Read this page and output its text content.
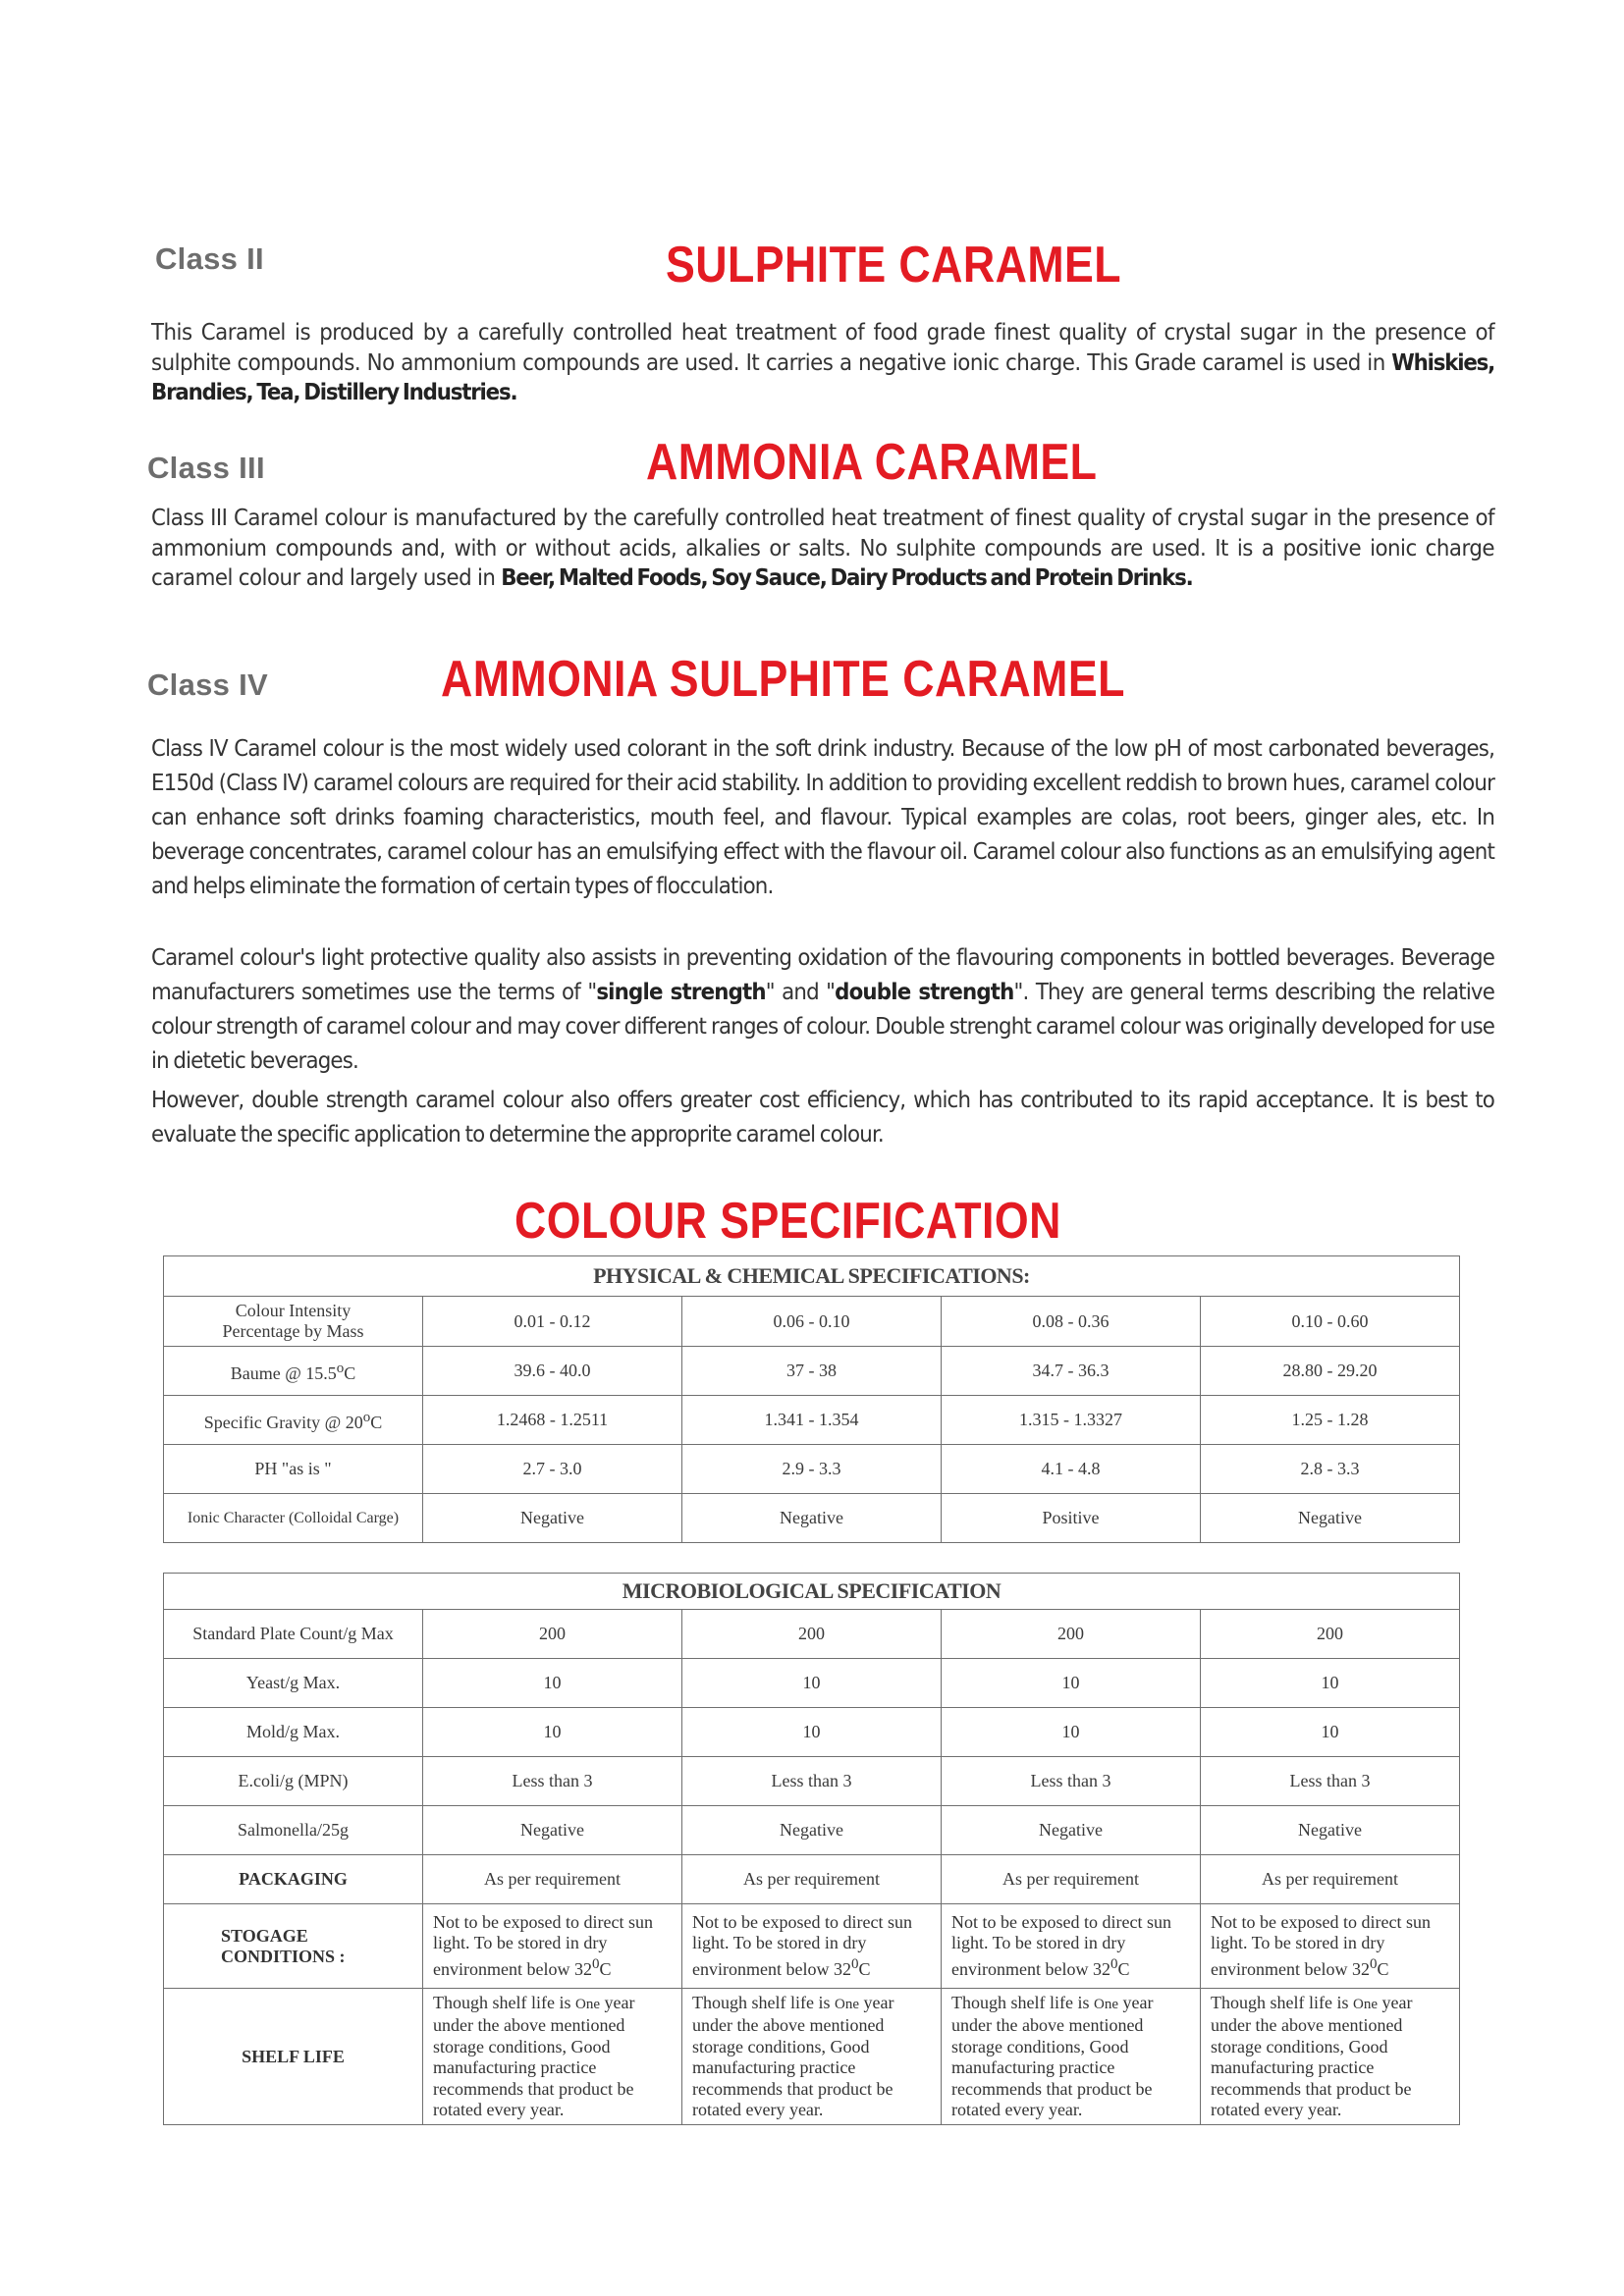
Class II	SULPHITE CARAMEL
This Caramel is produced by a carefully controlled heat treatment of food grade finest quality of crystal sugar in the presence of sulphite compounds. No ammonium compounds are used. It carries a negative ionic charge. This Grade caramel is used in Whiskies, Brandies, Tea, Distillery Industries.
Class III	AMMONIA CARAMEL
Class III Caramel colour is manufactured by the carefully controlled heat treatment of finest quality of crystal sugar in the presence of ammonium compounds and, with or without acids, alkalies or salts. No sulphite compounds are used. It is a positive ionic charge caramel colour and largely used in Beer, Malted Foods, Soy Sauce, Dairy Products and Protein Drinks.
Class IV	AMMONIA SULPHITE CARAMEL
Class IV Caramel colour is the most widely used colorant in the soft drink industry. Because of the low pH of most carbonated beverages, E150d (Class IV) caramel colours are required for their acid stability. In addition to providing excellent reddish to brown hues, caramel colour can enhance soft drinks foaming characteristics, mouth feel, and flavour. Typical examples are colas, root beers, ginger ales, etc. In beverage concentrates, caramel colour has an emulsifying effect with the flavour oil. Caramel colour also functions as an emulsifying agent and helps eliminate the formation of certain types of flocculation.
Caramel colour's light protective quality also assists in preventing oxidation of the flavouring components in bottled beverages. Beverage manufacturers sometimes use the terms of "single strength" and "double strength". They are general terms describing the relative colour strength of caramel colour and may cover different ranges of colour. Double strenght caramel colour was originally developed for use in dietetic beverages.
However, double strength caramel colour also offers greater cost efficiency, which has contributed to its rapid acceptance. It is best to evaluate the specific application to determine the approprite caramel colour.
COLOUR SPECIFICATION
PHYSICAL & CHEMICAL SPECIFICATIONS:				
Colour Intensity
Percentage by Mass	0.01 - 0.12	0.06 - 0.10	0.08 - 0.36	0.10 - 0.60
Baume @ 15.5$^o$C	39.6 - 40.0	37 - 38	34.7 - 36.3	28.80 - 29.20
Specific Gravity @ 20$^o$C	1.2468 - 1.2511	1.341 - 1.354	1.315 - 1.3327	1.25 - 1.28
PH "as is "	2.7 - 3.0	2.9 - 3.3	4.1 - 4.8	2.8 - 3.3
Ionic Character (Colloidal Carge)	Negative	Negative	Positive	Negative
MICROBIOLOGICAL SPECIFICATION				
Standard Plate Count/g Max	200	200	200	200
Yeast/g Max.	10	10	10	10
Mold/g Max.	10	10	10	10
E.coli/g (MPN)	Less than 3	Less than 3	Less than 3	Less than 3
Salmonella/25g	Negative	Negative	Negative	Negative
PACKAGING	As per requirement	As per requirement	As per requirement	As per requirement
STOGAGE
CONDITIONS :	Not to be exposed to direct sun light. To be stored in dry environment below $32^0C$	Not to be exposed to direct sun light. To be stored in dry environment below $32^0C$	Not to be exposed to direct sun light. To be stored in dry environment below $32^0C$	Not to be exposed to direct sun light. To be stored in dry environment below $32^0C$
SHELF LIFE	Though shelf life is One year under the above mentioned storage conditions, Good manufacturing practice recommends that product be rotated every year.	Though shelf life is One year under the above mentioned storage conditions, Good manufacturing practice recommends that product be rotated every year.	Though shelf life is One year under the above mentioned storage conditions, Good manufacturing practice recommends that product be rotated every year.	Though shelf life is One year under the above mentioned storage conditions, Good manufacturing practice recommends that product be rotated every year.
